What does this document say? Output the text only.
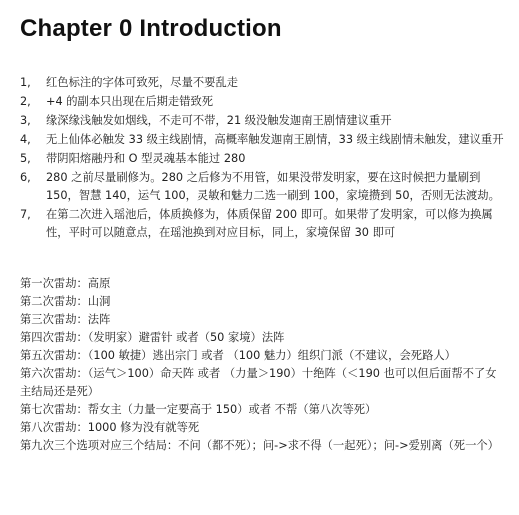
Chapter 0 Introduction
1,	红色标注的字体可致死，尽量不要乱走
2,	+4 的副本只出现在后期走错致死
3,	缘深缘浅触发如烟线，不走可不带，21 级没触发迦南王剧情建议重开
4,	无上仙体必触发 33 级主线剧情，高概率触发迦南王剧情，33 级主线剧情未触发，建议重开
5,	带阴阳熔融丹和 O 型灵魂基本能过 280
6,	280 之前尽量刷修为。280 之后修为不用管，如果没带发明家，要在这时候把力量刷到 150，智慧 140，运气 100，灵敏和魅力二选一刷到 100，家境攒到 50，否则无法渡劫。
7,	在第二次进入瑶池后，体质换修为，体质保留 200 即可。如果带了发明家，可以修为换属性，平时可以随意点，在瑶池换到对应目标，同上，家境保留 30 即可

第一次雷劫：高原

第二次雷劫：山洞

第三次雷劫：法阵

第四次雷劫：（发明家）避雷针 或者（50 家境）法阵

第五次雷劫：（100 敏捷）逃出宗门 或者 （100 魅力）组织门派（不建议，会死路人）

第六次雷劫：（运气＞100）命天阵 或者 （力量＞190）十绝阵（＜190 也可以但后面帮不了女主结局还是死）

第七次雷劫：帮女主（力量一定要高于 150）或者 不帮（第八次等死）

第八次雷劫：1000 修为没有就等死

第九次三个选项对应三个结局：不问（都不死）；问->求不得（一起死）；问->爱别离（死一个）
